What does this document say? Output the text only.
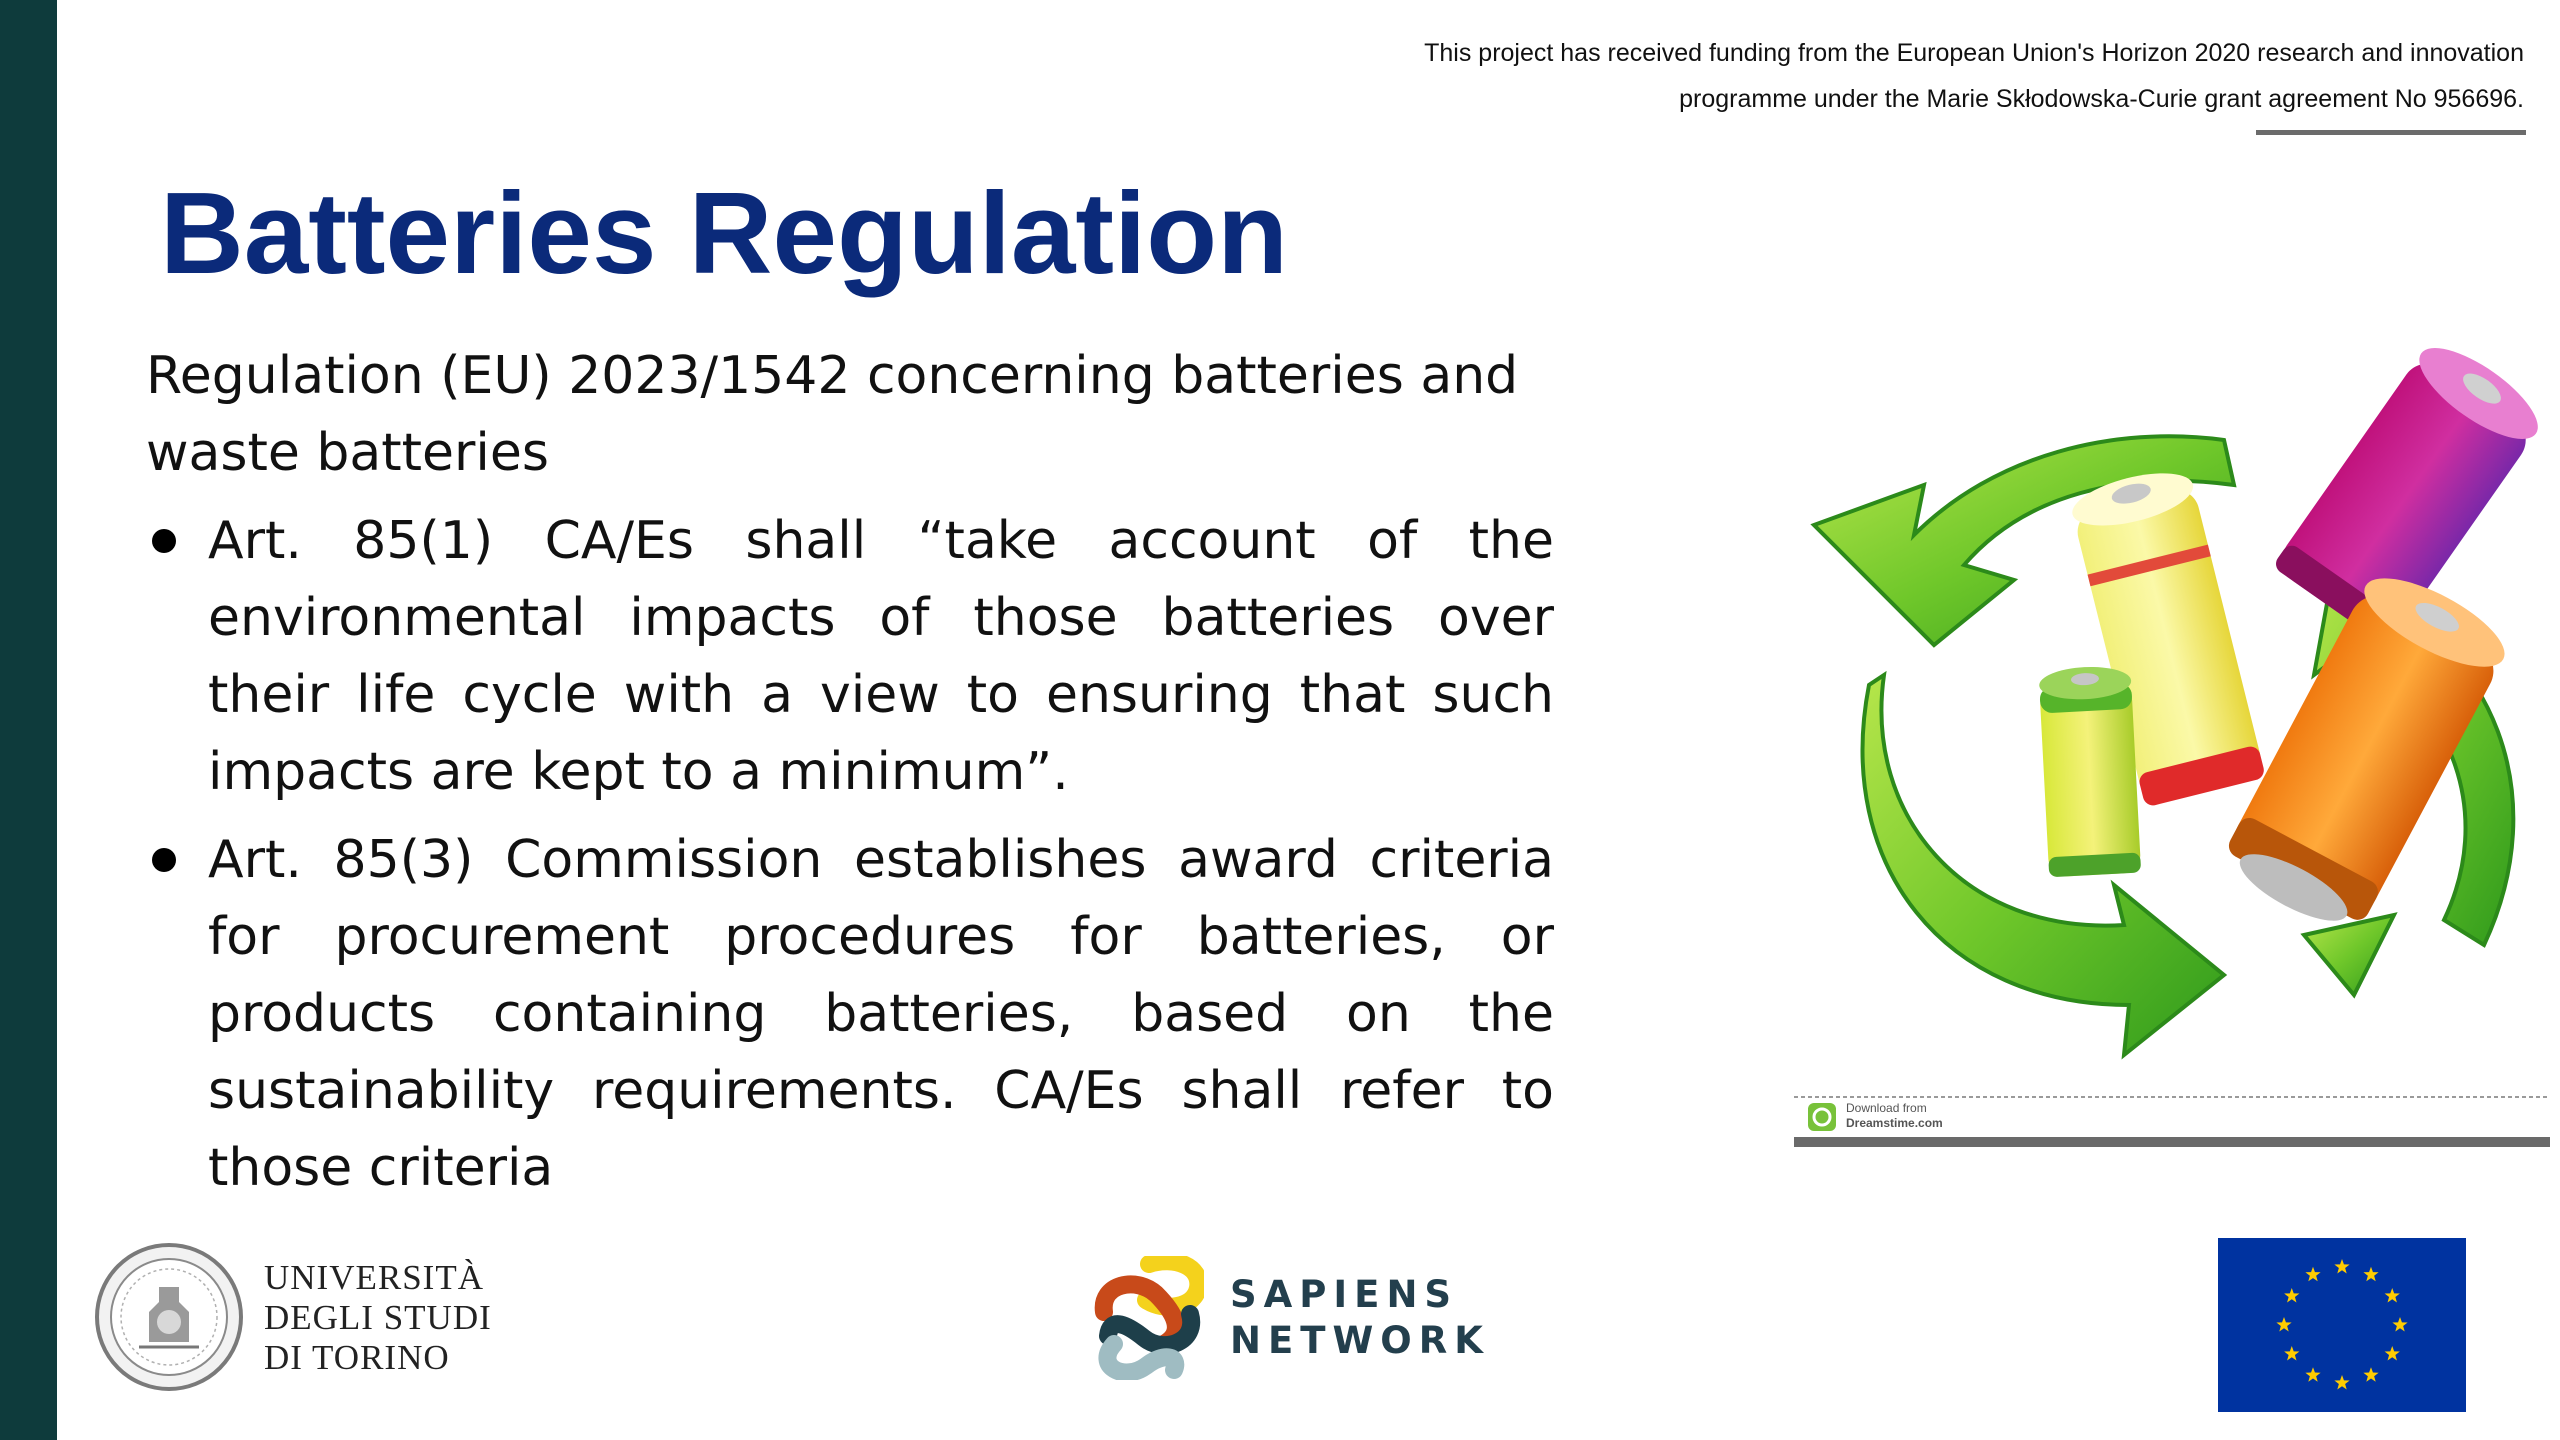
This project has received funding from the European Union's Horizon 2020 research and innovation
programme under the Marie Skłodowska-Curie grant agreement No 956696.
Batteries Regulation

Regulation (EU) 2023/1542 concerning batteries and waste batteries

Art. 85(1) CA/Es shall “take account of the environmental impacts of those batteries over their life cycle with a view to ensuring that such impacts are kept to a minimum”.
Art. 85(3) Commission establishes award criteria for procurement procedures for batteries, or products containing batteries, based on the sustainability requirements. CA/Es shall refer to those criteria
Download from
Dreamstime.com
UNIVERSITÀ
DEGLI STUDI
DI TORINO
SAPIENS
NETWORK
